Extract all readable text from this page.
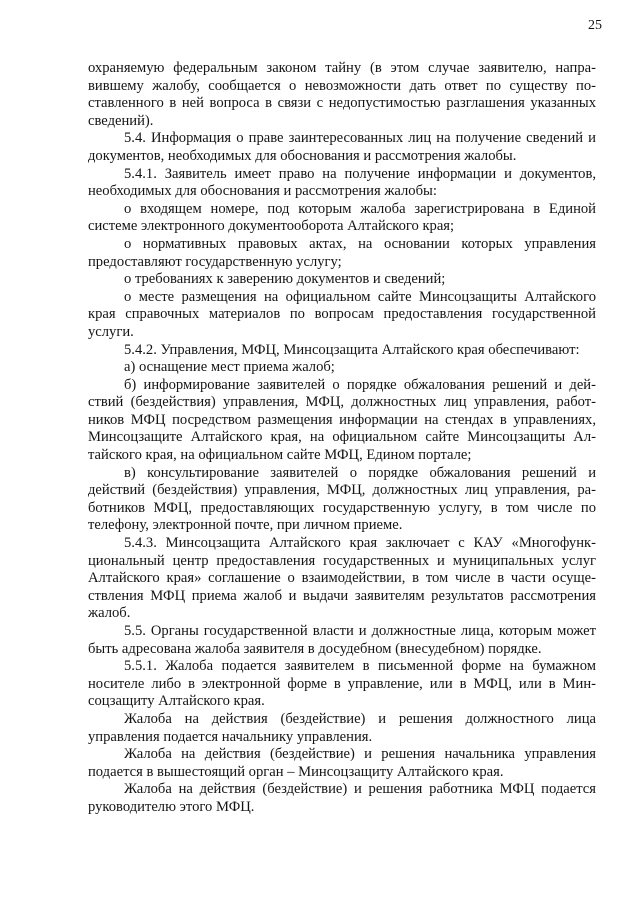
25

охраняемую федеральным законом тайну (в этом случае заявителю, направившему жалобу, сообщается о невозможности дать ответ по существу поставленного в ней вопроса в связи с недопустимостью разглашения указанных сведений).

5.4. Информация о праве заинтересованных лиц на получение сведений и документов, необходимых для обоснования и рассмотрения жалобы.

5.4.1. Заявитель имеет право на получение информации и документов, необходимых для обоснования и рассмотрения жалобы:

о входящем номере, под которым жалоба зарегистрирована в Единой системе электронного документооборота Алтайского края;

о нормативных правовых актах, на основании которых управления предоставляют государственную услугу;

о требованиях к заверению документов и сведений;

о месте размещения на официальном сайте Минсоцзащиты Алтайского края справочных материалов по вопросам предоставления государственной услуги.

5.4.2. Управления, МФЦ, Минсоцзащита Алтайского края обеспечивают:

а) оснащение мест приема жалоб;

б) информирование заявителей о порядке обжалования решений и действий (бездействия) управления, МФЦ, должностных лиц управления, работников МФЦ посредством размещения информации на стендах в управлениях, Минсоцзащите Алтайского края, на официальном сайте Минсоцзащиты Алтайского края, на официальном сайте МФЦ, Едином портале;

в) консультирование заявителей о порядке обжалования решений и действий (бездействия) управления, МФЦ, должностных лиц управления, работников МФЦ, предоставляющих государственную услугу, в том числе по телефону, электронной почте, при личном приеме.

5.4.3. Минсоцзащита Алтайского края заключает с КАУ «Многофункциональный центр предоставления государственных и муниципальных услуг Алтайского края» соглашение о взаимодействии, в том числе в части осуществления МФЦ приема жалоб и выдачи заявителям результатов рассмотрения жалоб.

5.5. Органы государственной власти и должностные лица, которым может быть адресована жалоба заявителя в досудебном (внесудебном) порядке.

5.5.1. Жалоба подается заявителем в письменной форме на бумажном носителе либо в электронной форме в управление, или в МФЦ, или в Минсоцзащиту Алтайского края.

Жалоба на действия (бездействие) и решения должностного лица управления подается начальнику управления.

Жалоба на действия (бездействие) и решения начальника управления подается в вышестоящий орган – Минсоцзащиту Алтайского края.

Жалоба на действия (бездействие) и решения работника МФЦ подается руководителю этого МФЦ.
